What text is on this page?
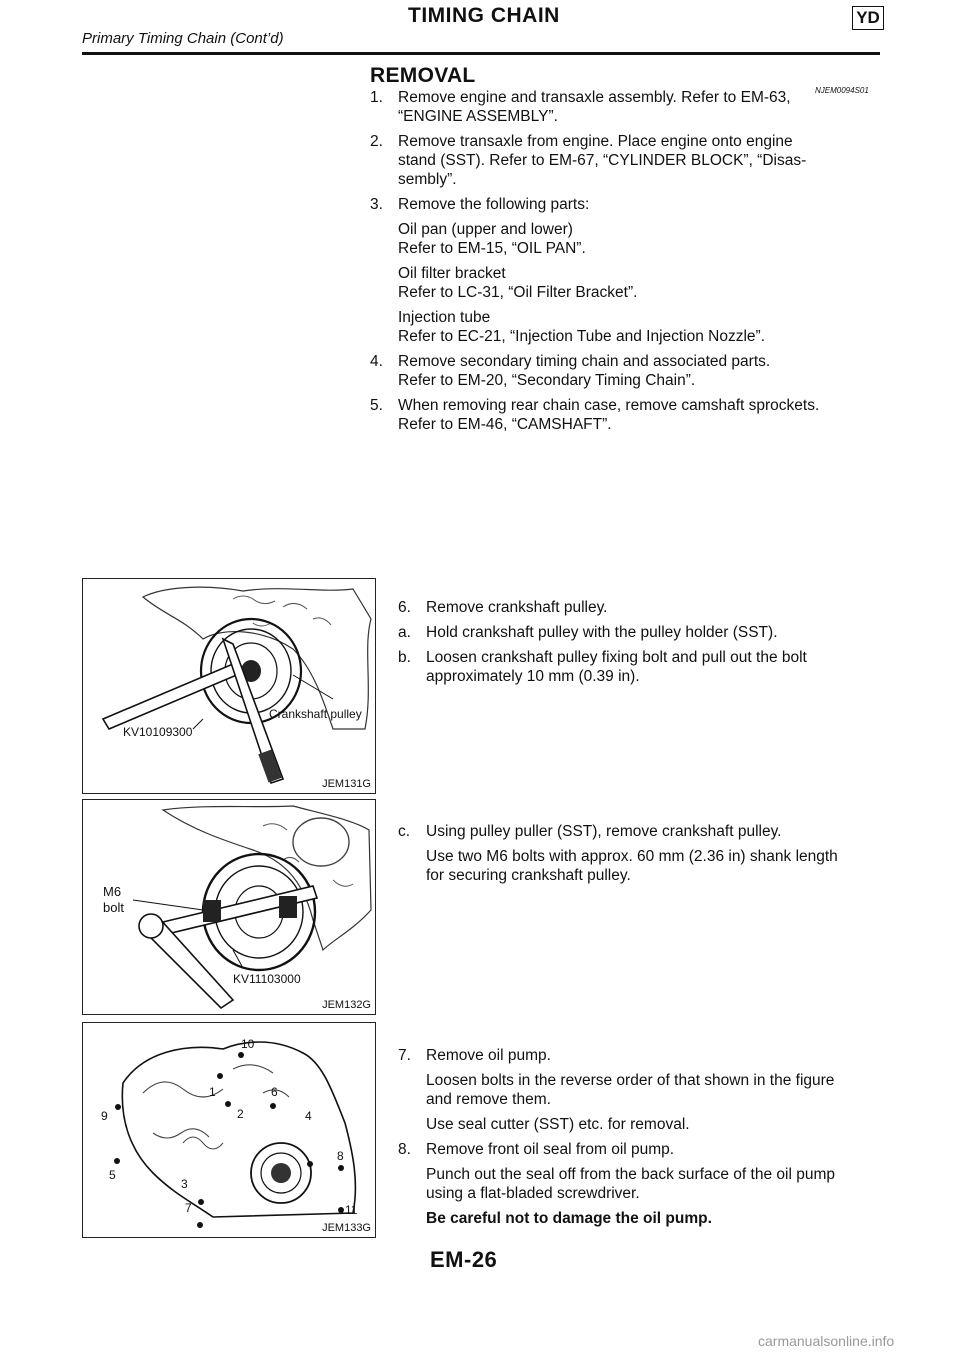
TIMING CHAIN	YD
Primary Timing Chain (Cont’d)
REMOVAL
NJEM0094S01
1. Remove engine and transaxle assembly. Refer to EM-63,

“ENGINE ASSEMBLY”.

2. Remove transaxle from engine. Place engine onto engine

stand (SST). Refer to EM-67, “CYLINDER BLOCK”, “Disas-

sembly”.

3. Remove the following parts:

Oil pan (upper and lower)

Refer to EM-15, “OIL PAN”.

Oil filter bracket

Refer to LC-31, “Oil Filter Bracket”.

Injection tube

Refer to EC-21, “Injection Tube and Injection Nozzle”.

4. Remove secondary timing chain and associated parts.

Refer to EM-20, “Secondary Timing Chain”.

5. When removing rear chain case, remove camshaft sprockets.

Refer to EM-46, “CAMSHAFT”.

KV10109300
Crankshaft pulley
JEM131G
6. Remove crankshaft pulley.
a. Hold crankshaft pulley with the pulley holder (SST).
b. Loosen crankshaft pulley fixing bolt and pull out the bolt

approximately 10 mm (0.39 in).

M6
bolt
KV11103000
JEM132G
c. Using pulley puller (SST), remove crankshaft pulley.

Use two M6 bolts with approx. 60 mm (2.36 in) shank length

for securing crankshaft pulley.

1
2
3
4
5
6
7
8
9
10
11
JEM133G
7. Remove oil pump.

Loosen bolts in the reverse order of that shown in the figure

and remove them.

Use seal cutter (SST) etc. for removal.

8. Remove front oil seal from oil pump.

Punch out the seal off from the back surface of the oil pump

using a flat-bladed screwdriver.

Be careful not to damage the oil pump.

EM-26
carmanualsonline.info
